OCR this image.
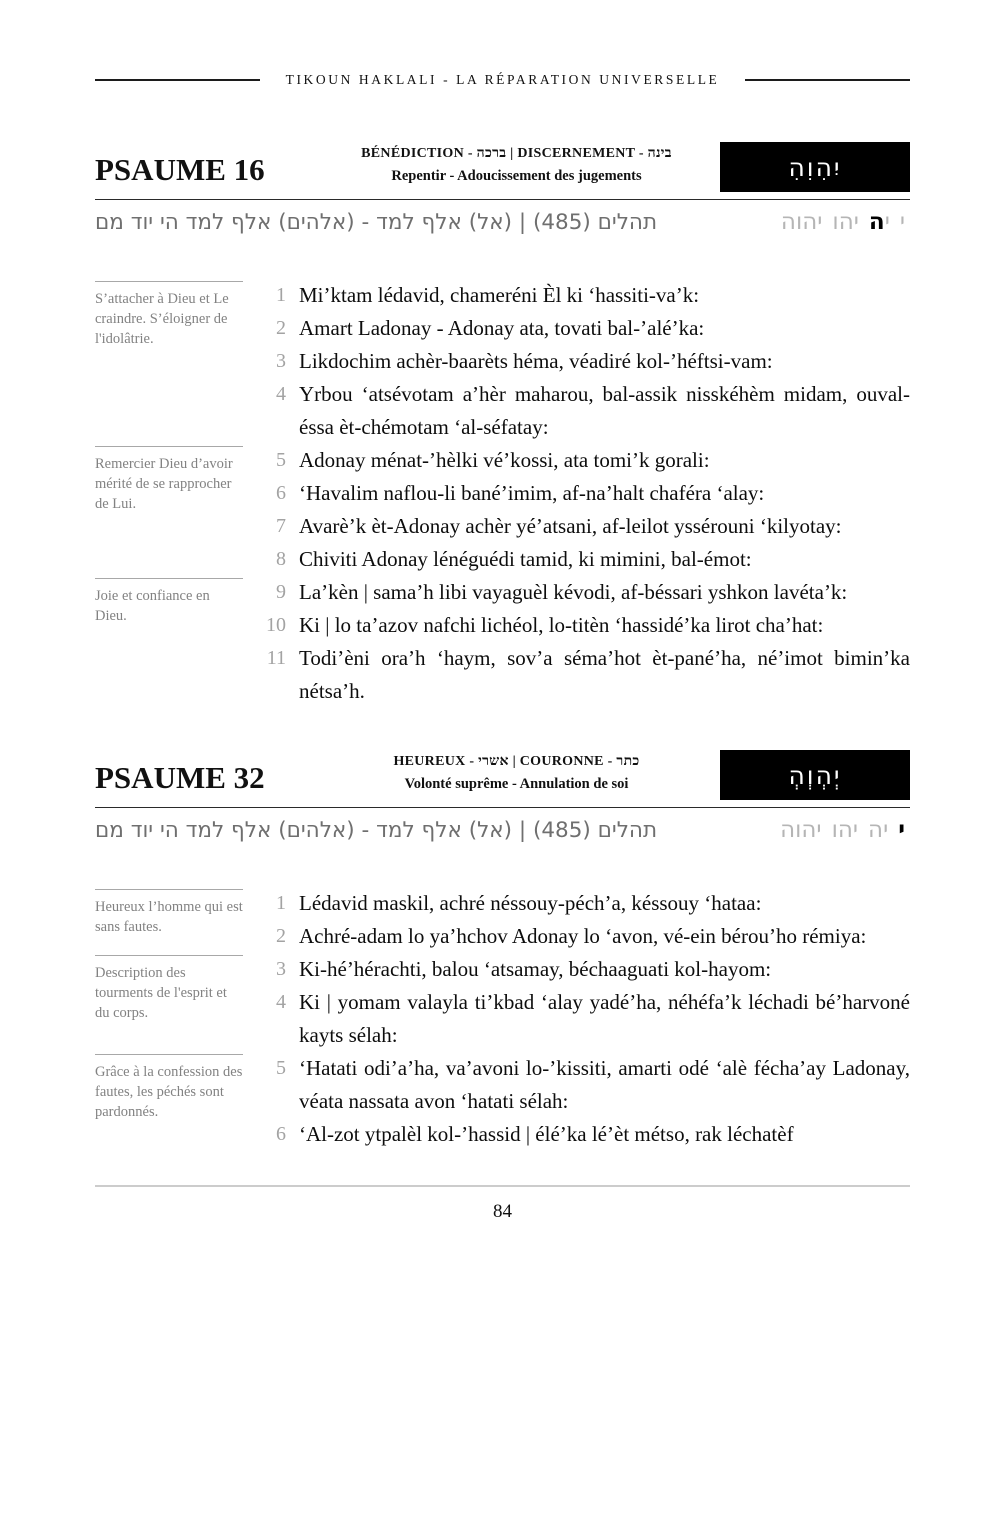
TIKOUN HAKLALI - LA RÉPARATION UNIVERSELLE
PSAUME 16	BÉNÉDICTION - ברכה | DISCERNEMENT - בינה
Repentir - Adoucissement des jugements	יִהִוִהִ
ייהיהויהוה
תהלים (485) | (אל) אלף למד - (אלהים) אלף למד הי יוד מם
S’attacher à Dieu et Le craindre. S’éloigner de l'idolâtrie.
Remercier Dieu d’avoir mérité de se rapprocher de Lui.
Joie et confiance en Dieu.
1 Mi’ktam lédavid, chameréni Èl ki ‘hassiti-va’k:
2 Amart Ladonay - Adonay ata, tovati bal-’alé’ka:
3 Likdochim achèr-baarèts héma, véadiré kol-’héftsi-vam:
4 Yrbou ‘atsévotam a’hèr maharou, bal-assik nisskéhèm midam, ouval-éssa èt-chémotam ‘al-séfatay:
5 Adonay ménat-’hèlki vé’kossi, ata tomi’k gorali:
6 ‘Havalim naflou-li bané’imim, af-na’halt chaféra ‘alay:
7 Avarè’k èt-Adonay achèr yé’atsani, af-leilot yssérouni ‘kilyotay:
8 Chiviti Adonay lénéguédi tamid, ki mimini, bal-émot:
9 La’kèn | sama’h libi vayaguèl kévodi, af-béssari yshkon lavéta’k:
10 Ki | lo ta’azov nafchi lichéol, lo-titèn ‘hassidé’ka lirot cha’hat:
11 Todi’èni ora’h ‘haym, sov’a séma’hot èt-pané’ha, né’imot bimin’ka nétsa’h.
PSAUME 32	HEUREUX - אשרי | COURONNE - כתר
Volonté suprême - Annulation de soi	יְהְוְהְ
ייהיהויהוה
תהלים (485) | (אל) אלף למד - (אלהים) אלף למד הי יוד מם
Heureux l’homme qui est sans fautes.
Description des tourments de l'esprit et du corps.
Grâce à la confession des fautes, les péchés sont pardonnés.
1 Lédavid maskil, achré néssouy-péch’a, késsouy ‘hataa:
2 Achré-adam lo ya’hchov Adonay lo ‘avon, vé-ein bérou’ho rémiya:
3 Ki-hé’hérachti, balou ‘atsamay, béchaaguati kol-hayom:
4 Ki | yomam valayla ti’kbad ‘alay yadé’ha, néhéfa’k léchadi bé’harvoné kayts sélah:
5 ‘Hatati odi’a’ha, va’avoni lo-’kissiti, amarti odé ‘alè fécha’ay Ladonay, véata nassata avon ‘hatati sélah:
6 ‘Al-zot ytpalèl kol-’hassid | élé’ka lé’èt métso, rak léchatèf
84
